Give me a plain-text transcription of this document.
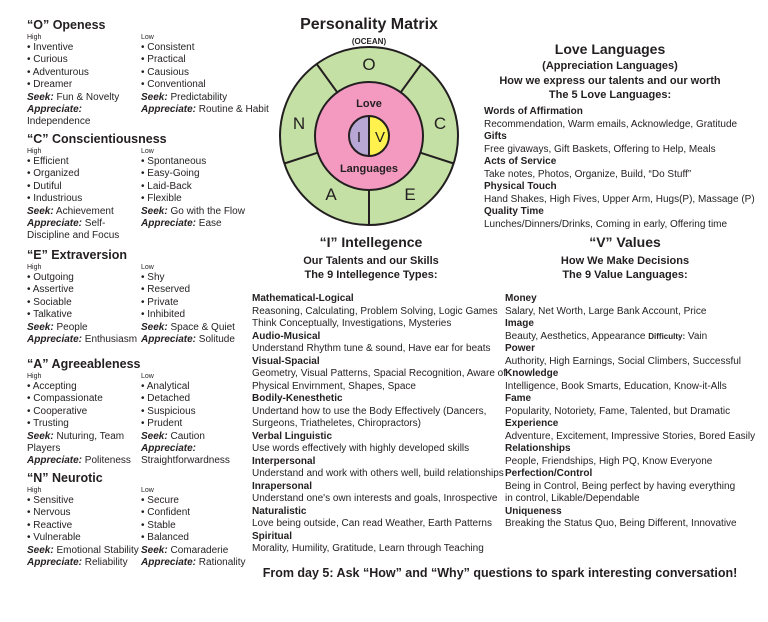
“O” Openess
High
• Inventive
• Curious
• Adventurous
• Dreamer
Seek: Fun & Novelty
Appreciate: Independence
Low
• Consistent
• Practical
• Causious
• Conventional
Seek: Predictability
Appreciate: Routine & Habit
“C” Conscientiousness
High
• Efficient
• Organized
• Dutiful
• Industrious
Seek: Achievement
Appreciate: Self-Discipline and Focus
Low
• Spontaneous
• Easy-Going
• Laid-Back
• Flexible
Seek: Go with the Flow
Appreciate: Ease
“E” Extraversion
High
• Outgoing
• Assertive
• Sociable
• Talkative
Seek: People
Appreciate: Enthusiasm
Low
• Shy
• Reserved
• Private
• Inhibited
Seek: Space & Quiet
Appreciate: Solitude
“A” Agreeableness
High
• Accepting
• Compassionate
• Cooperative
• Trusting
Seek: Nuturing, Team Players
Appreciate: Politeness
Low
• Analytical
• Detached
• Suspicious
• Prudent
Seek: Caution
Appreciate: Straightforwardness
“N” Neurotic
High
• Sensitive
• Nervous
• Reactive
• Vulnerable
Seek: Emotional Stability
Appreciate: Reliability
Low
• Secure
• Confident
• Stable
• Balanced
Seek: Comaraderie
Appreciate: Rationality
Personality Matrix
(OCEAN)
O
C
E
A
N
Love
Languages
I V
Love Languages
(Appreciation Languages)
How we express our talents and our worth
The 5 Love Languages:
Words of Affirmation
Recommendation, Warm emails, Acknowledge, Gratitude
Gifts
Free givaways, Gift Baskets, Offering to Help, Meals
Acts of Service
Take notes, Photos, Organize, Build, “Do Stuff”
Physical Touch
Hand Shakes, High Fives, Upper Arm, Hugs(P), Massage (P)
Quality Time
Lunches/Dinners/Drinks, Coming in early, Offering time
“I” Intellegence
Our Talents and our Skills
The 9 Intellegence Types:
Mathematical-Logical
Reasoning, Calculating, Problem Solving, Logic Games
Think Conceptually, Investigations, Mysteries
Audio-Musical
Understand Rhythm tune & sound, Have ear for beats
Visual-Spacial
Geometry, Visual Patterns, Spacial Recognition, Aware of
Physical Envirnment, Shapes, Space
Bodily-Kenesthetic
Undertand how to use the Body Effectively (Dancers,
Surgeons, Triatheletes, Chiropractors)
Verbal Linguistic
Use words effectively with highly developed skills
Interpersonal
Understand and work with others well, build relationships
Inrapersonal
Understand one's own interests and goals, Inrospective
Naturalistic
Love being outside, Can read Weather, Earth Patterns
Spiritual
Morality, Humility, Gratitude, Learn through Teaching
“V” Values
How We Make Decisions
The 9 Value Languages:
Money
Salary, Net Worth, Large Bank Account, Price
Image
Beauty, Aesthetics, Appearance Difficulty: Vain
Power
Authority, High Earnings, Social Climbers, Successful
Knowledge
Intelligence, Book Smarts, Education, Know-it-Alls
Fame
Popularity, Notoriety, Fame, Talented, but Dramatic
Experience
Adventure, Excitement, Impressive Stories, Bored Easily
Relationships
People, Friendships, High PQ, Know Everyone
Perfection/Control
Being in Control, Being perfect by having everything
in control, Likable/Dependable
Uniqueness
Breaking the Status Quo, Being Different, Innovative
From day 5: Ask “How” and “Why” questions to spark interesting conversation!
